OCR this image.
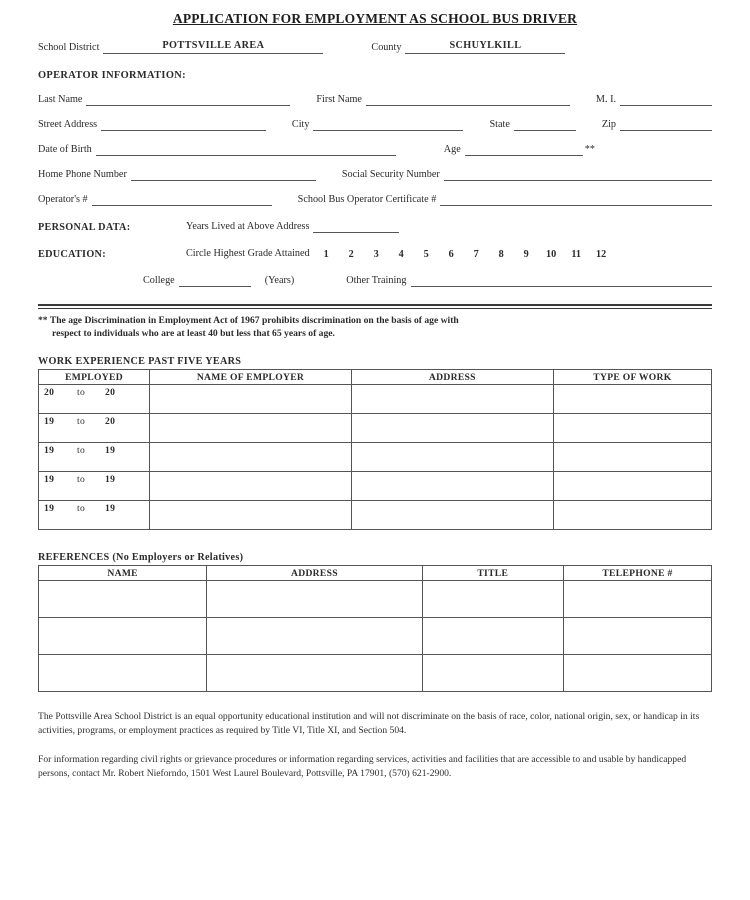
APPLICATION FOR EMPLOYMENT AS SCHOOL BUS DRIVER
School District	POTTSVILLE AREA	County	SCHUYLKILL
OPERATOR INFORMATION:
Last Name	First Name	M. I.
Street Address	City	State	Zip
Date of Birth	Age	**
Home Phone Number	Social Security Number
Operator's #	School Bus Operator Certificate #
PERSONAL DATA:	Years Lived at Above Address
EDUCATION:	Circle Highest Grade Attained	1 2 3 4 5 6 7 8 9 10 11 12
College	(Years)	Other Training
** The age Discrimination in Employment Act of 1967 prohibits discrimination on the basis of age with
respect to individuals who are at least 40 but less that 65 years of age.
WORK EXPERIENCE PAST FIVE YEARS
EMPLOYED	NAME OF EMPLOYER	ADDRESS	TYPE OF WORK

20 to 20			

19 to 20			

19 to 19			

19 to 19			

19 to 19			

REFERENCES (No Employers or Relatives)
NAME	ADDRESS	TITLE	TELEPHONE #

The Pottsville Area School District is an equal opportunity educational institution and will not discriminate on the basis of race, color, national origin, sex, or handicap in its activities, programs, or employment practices as required by Title VI, Title XI, and Section 504.
For information regarding civil rights or grievance procedures or information regarding services, activities and facilities that are accessible to and usable by handicapped persons, contact Mr. Robert Nieforndo, 1501 West Laurel Boulevard, Pottsville, PA 17901, (570) 621-2900.
